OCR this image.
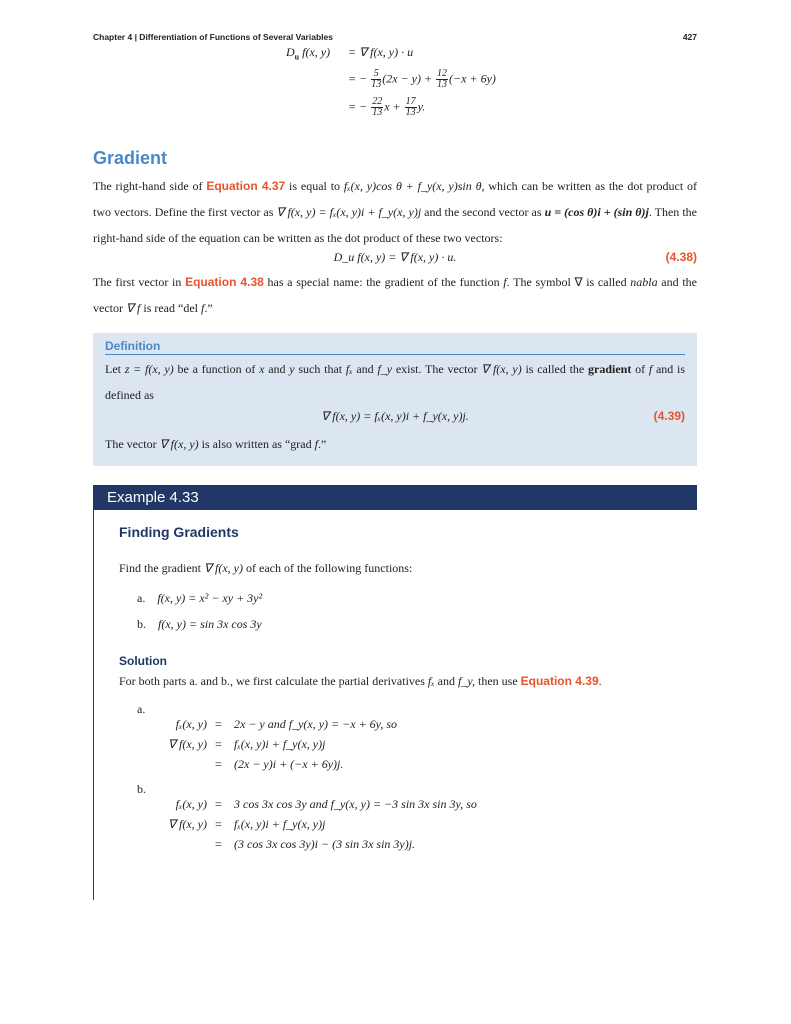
Chapter 4 | Differentiation of Functions of Several Variables	427
$D_u$ f(x, y) = ∇ f(x, y) · u
= − $\frac{5}{13} (2x - y) + \frac{12}{13} (-x + 6y)$
= − $\frac{22}{13}$ $x + \frac{17}{13} y$.
Gradient
The right-hand side of Equation 4.37 is equal to fₓ(x, y)cos θ + f_y(x, y)sin θ, which can be written as the dot product of two vectors. Define the first vector as ∇ f(x, y) = fₓ(x, y)i + f_y(x, y)j and the second vector as u = (cos θ)i + (sin θ)j. Then the right-hand side of the equation can be written as the dot product of these two vectors:
D_u f(x, y) = ∇ f(x, y) · u.	(4.38)
The first vector in Equation 4.38 has a special name: the gradient of the function f. The symbol ∇ is called nabla and the vector ∇ f is read “del f.”
Definition
Let z = f(x, y) be a function of x and y such that fₓ and f_y exist. The vector ∇ f(x, y) is called the gradient of f and is defined as
∇ f(x, y) = fₓ(x, y)i + f_y(x, y)j.	(4.39)
The vector ∇ f(x, y) is also written as “grad f.”
Example 4.33
Finding Gradients
Find the gradient ∇ f(x, y) of each of the following functions:
a. f(x, y) = x² − xy + 3y²
b. f(x, y) = sin 3x cos 3y
Solution
For both parts a. and b., we first calculate the partial derivatives fₓ and f_y, then use Equation 4.39.
a.
fₓ(x, y) = 2x − y and f_y(x, y) = −x + 6y, so
∇ f(x, y) = fₓ(x, y)i + f_y(x, y)j
= (2x − y)i + (−x + 6y)j.
b.
fₓ(x, y) = 3 cos 3x cos 3y and f_y(x, y) = −3 sin 3x sin 3y, so
∇ f(x, y) = fₓ(x, y)i + f_y(x, y)j
= (3 cos 3x cos 3y)i − (3 sin 3x sin 3y)j.
